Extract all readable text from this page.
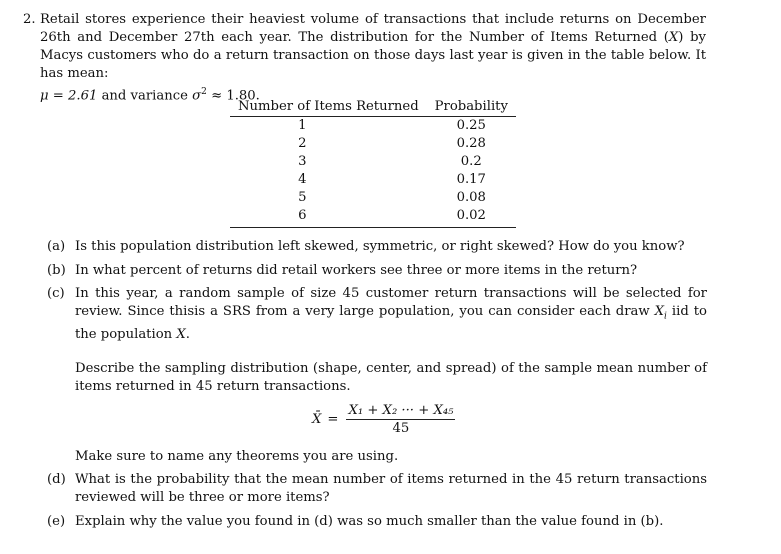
2. Retail stores experience their heaviest volume of transactions that include returns on December 26th and December 27th each year. The distribution for the Number of Items Returned (X) by Macys customers who do a return transaction on those days last year is given in the table below. It has mean:
μ = 2.61 and variance $\sigma^2 \approx 1.80$.
Number of Items Returned	Probability
1	0.25
2	0.28
3	0.2
4	0.17
5	0.08
6	0.02
(a) Is this population distribution left skewed, symmetric, or right skewed? How do you know?
(b) In what percent of returns did retail workers see three or more items in the return?
(c) In this year, a random sample of size 45 customer return transactions will be selected for review. Since thisis a SRS from a very large population, you can consider each draw $X_i$ iid to the population X.
Describe the sampling distribution (shape, center, and spread) of the sample mean number of items returned in 45 return transactions.
X̄ = $\frac{\text{X₁ + X₂ ··· + X₄₅}}{45}$
Make sure to name any theorems you are using.
(d) What is the probability that the mean number of items returned in the 45 return transactions reviewed will be three or more items?
(e) Explain why the value you found in (d) was so much smaller than the value found in (b).
